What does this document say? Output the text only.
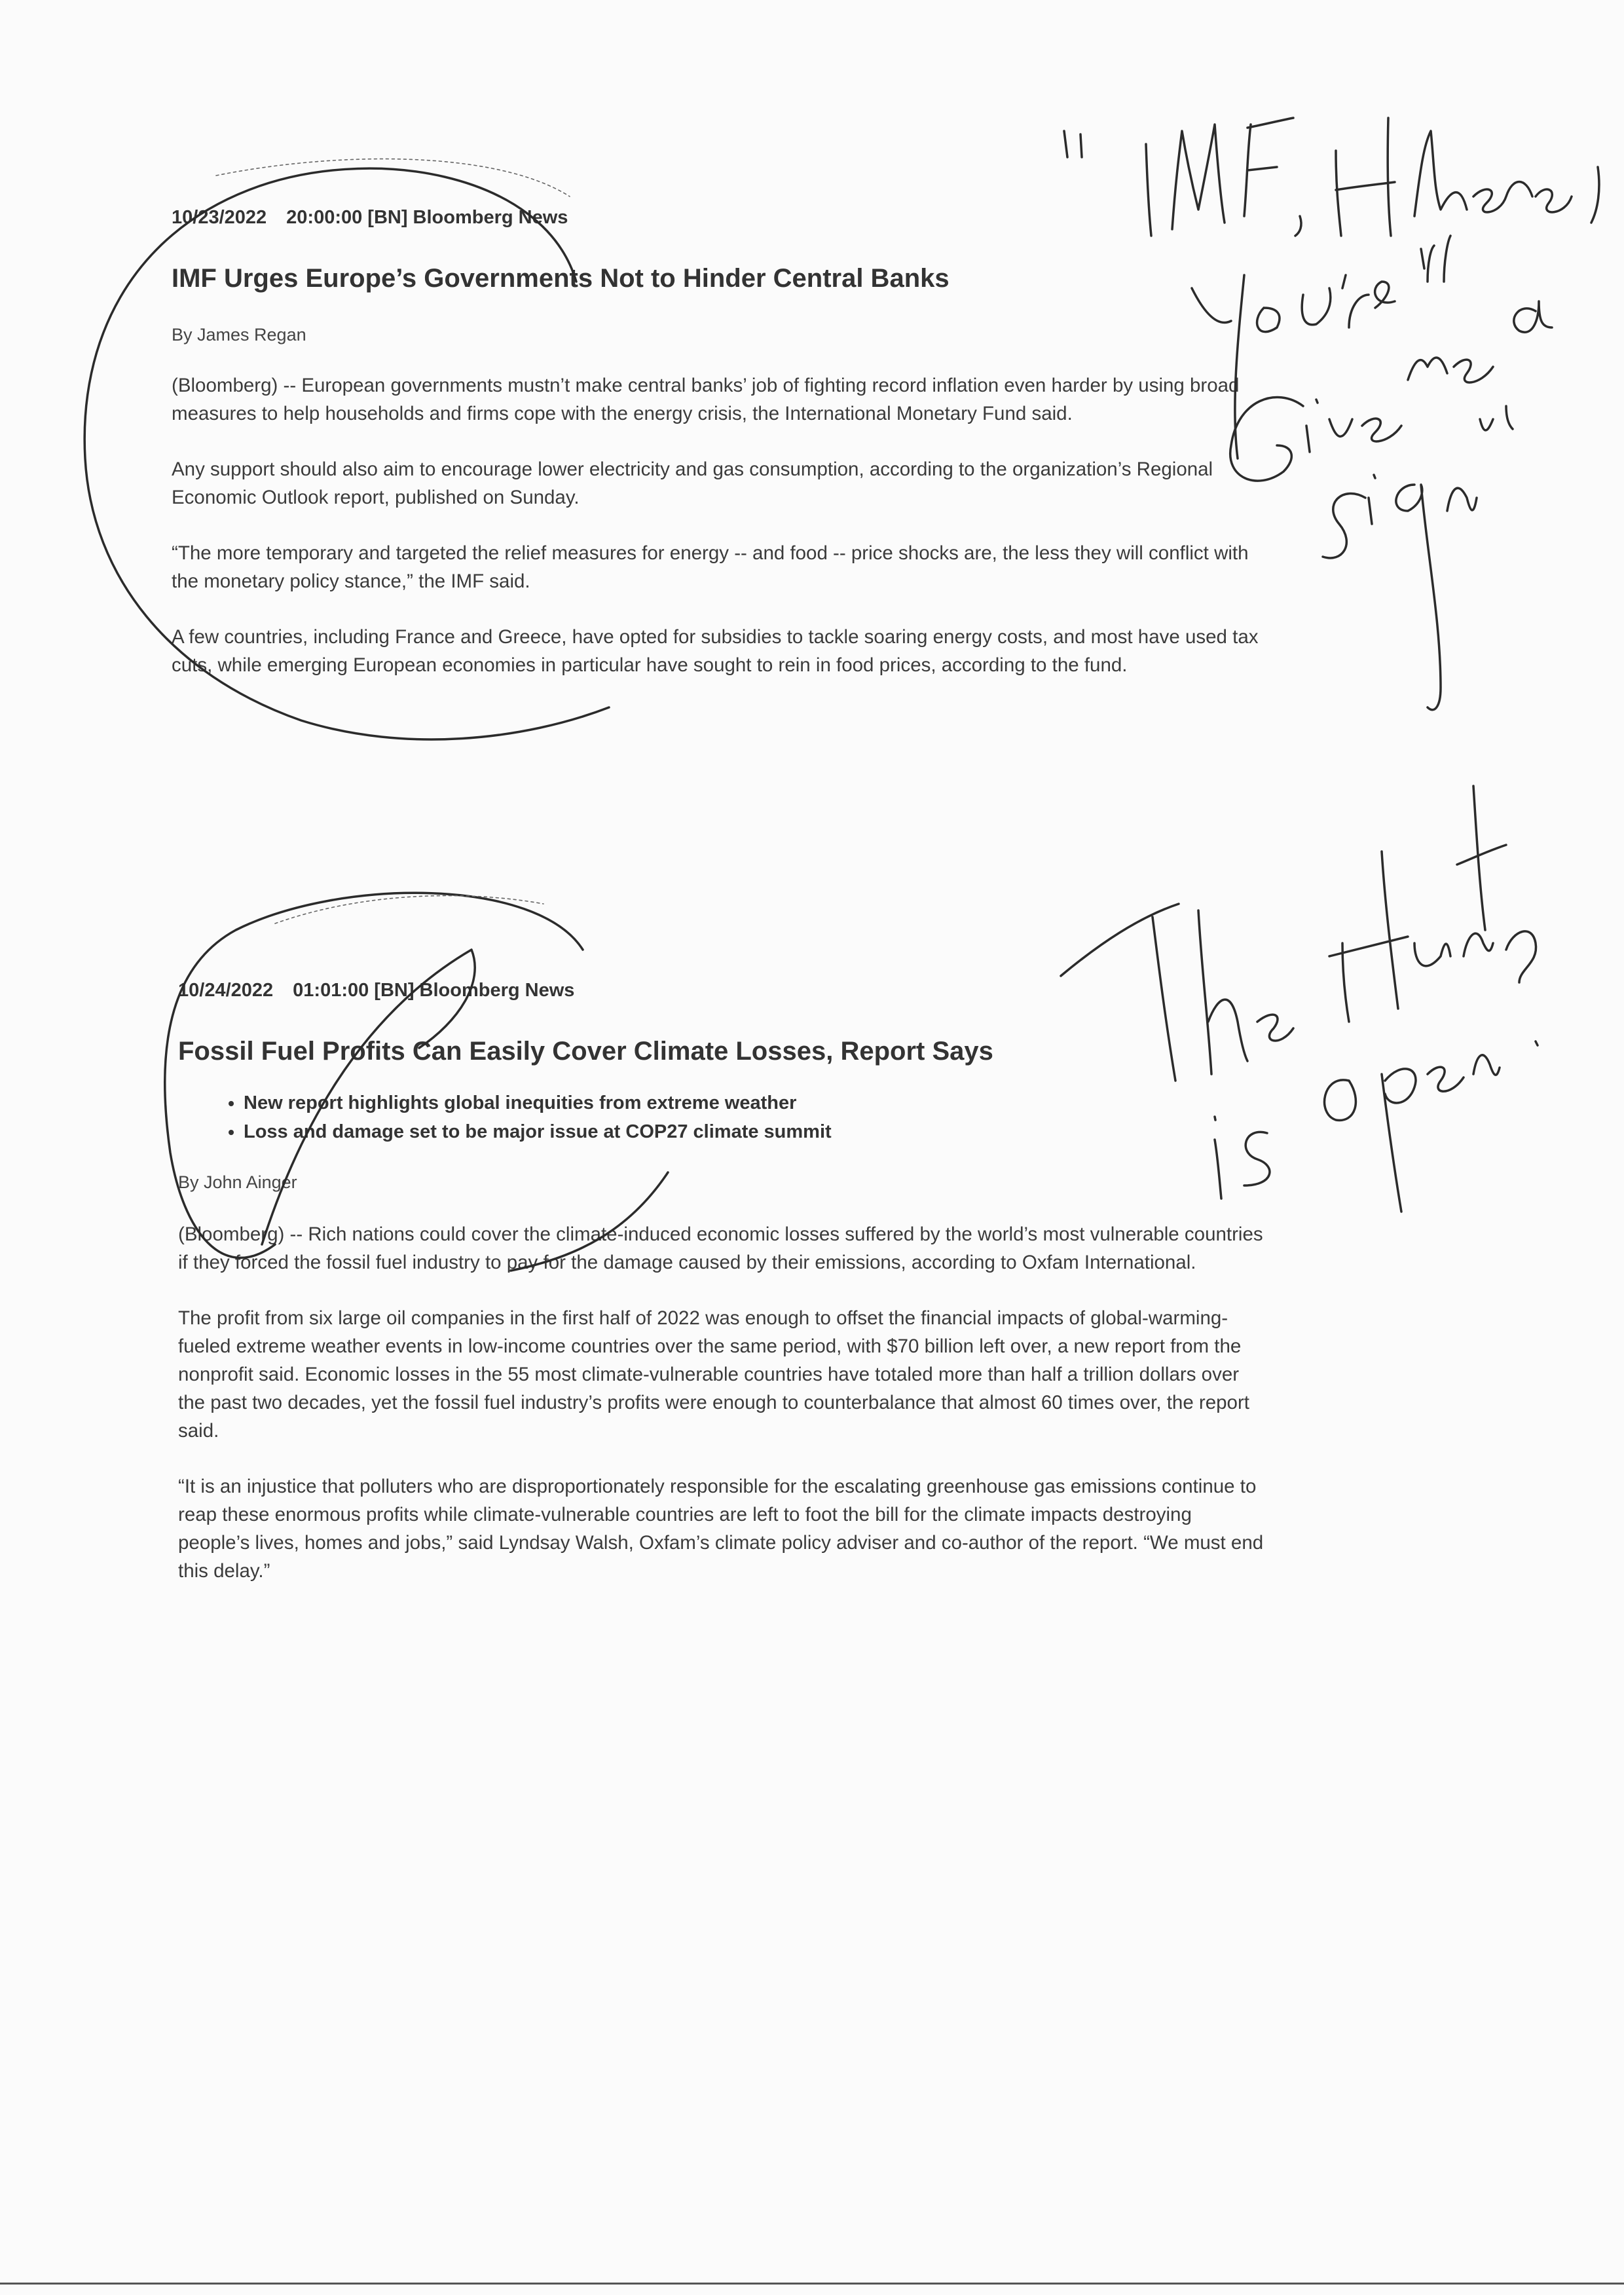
10/23/2022 20:00:00 [BN] Bloomberg News

IMF Urges Europe’s Governments Not to Hinder Central Banks

By James Regan

(Bloomberg) -- European governments mustn’t make central banks’ job of fighting record inflation even harder by using broad measures to help households and firms cope with the energy crisis, the International Monetary Fund said.

Any support should also aim to encourage lower electricity and gas consumption, according to the organization’s Regional Economic Outlook report, published on Sunday.

“The more temporary and targeted the relief measures for energy -- and food -- price shocks are, the less they will conflict with the monetary policy stance,” the IMF said.

A few countries, including France and Greece, have opted for subsidies to tackle soaring energy costs, and most have used tax cuts, while emerging European economies in particular have sought to rein in food prices, according to the fund.

10/24/2022 01:01:00 [BN] Bloomberg News

Fossil Fuel Profits Can Easily Cover Climate Losses, Report Says
• New report highlights global inequities from extreme weather
• Loss and damage set to be major issue at COP27 climate summit

By John Ainger

(Bloomberg) -- Rich nations could cover the climate-induced economic losses suffered by the world’s most vulnerable countries if they forced the fossil fuel industry to pay for the damage caused by their emissions, according to Oxfam International.

The profit from six large oil companies in the first half of 2022 was enough to offset the financial impacts of global-warming-fueled extreme weather events in low-income countries over the same period, with $70 billion left over, a new report from the nonprofit said. Economic losses in the 55 most climate-vulnerable countries have totaled more than half a trillion dollars over the past two decades, yet the fossil fuel industry’s profits were enough to counterbalance that almost 60 times over, the report said.

“It is an injustice that polluters who are disproportionately responsible for the escalating greenhouse gas emissions continue to reap these enormous profits while climate-vulnerable countries are left to foot the bill for the climate impacts destroying people’s lives, homes and jobs,” said Lyndsay Walsh, Oxfam’s climate policy adviser and co-author of the report. “We must end this delay.”
